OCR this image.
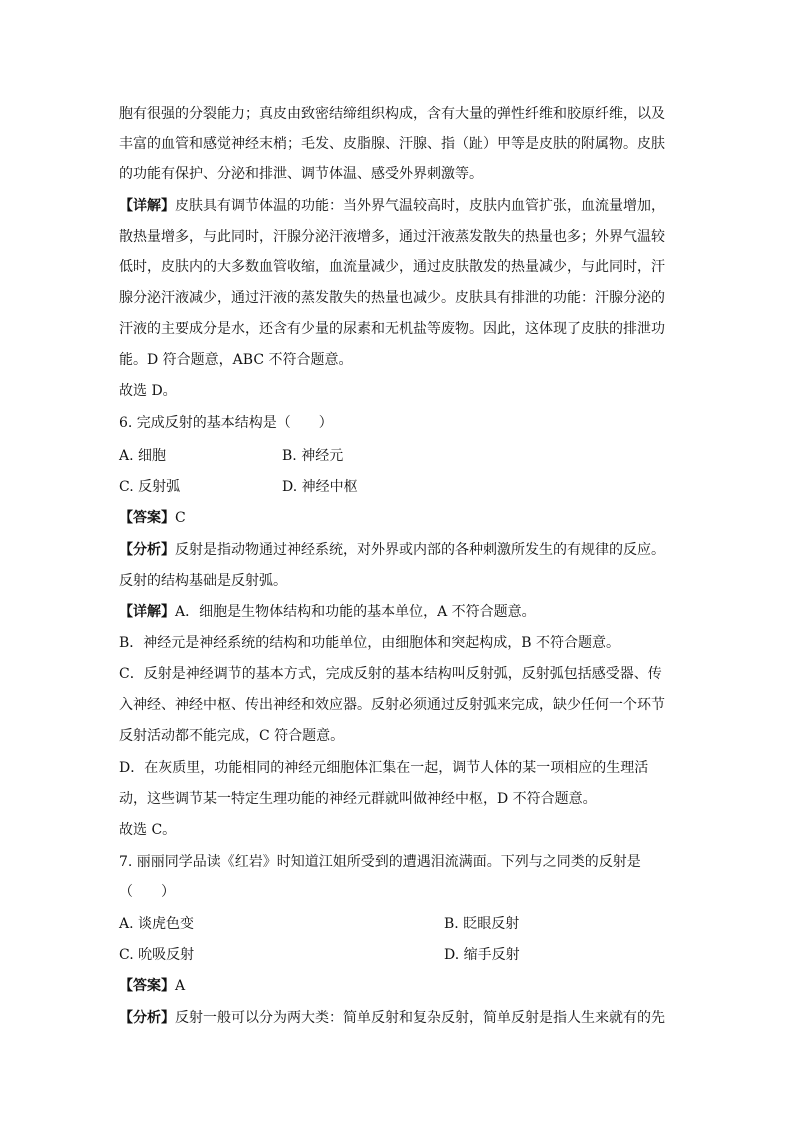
胞有很强的分裂能力；真皮由致密结缔组织构成，含有大量的弹性纤维和胶原纤维，以及
丰富的血管和感觉神经末梢；毛发、皮脂腺、汗腺、指（趾）甲等是皮肤的附属物。皮肤
的功能有保护、分泌和排泄、调节体温、感受外界刺激等。
【详解】皮肤具有调节体温的功能：当外界气温较高时，皮肤内血管扩张，血流量增加，
散热量增多，与此同时，汗腺分泌汗液增多，通过汗液蒸发散失的热量也多；外界气温较
低时，皮肤内的大多数血管收缩，血流量减少，通过皮肤散发的热量减少，与此同时，汗
腺分泌汗液减少，通过汗液的蒸发散失的热量也减少。皮肤具有排泄的功能：汗腺分泌的
汗液的主要成分是水，还含有少量的尿素和无机盐等废物。因此，这体现了皮肤的排泄功
能。D 符合题意，ABC 不符合题意。
故选 D。
6. 完成反射的基本结构是（　　）
A. 细胞	B. 神经元
C. 反射弧	D. 神经中枢
【答案】C
【分析】反射是指动物通过神经系统，对外界或内部的各种刺激所发生的有规律的反应。
反射的结构基础是反射弧。
【详解】A．细胞是生物体结构和功能的基本单位，A 不符合题意。
B．神经元是神经系统的结构和功能单位，由细胞体和突起构成，B 不符合题意。
C．反射是神经调节的基本方式，完成反射的基本结构叫反射弧，反射弧包括感受器、传
入神经、神经中枢、传出神经和效应器。反射必须通过反射弧来完成，缺少任何一个环节
反射活动都不能完成，C 符合题意。
D．在灰质里，功能相同的神经元细胞体汇集在一起，调节人体的某一项相应的生理活
动，这些调节某一特定生理功能的神经元群就叫做神经中枢，D 不符合题意。
故选 C。
7. 丽丽同学品读《红岩》时知道江姐所受到的遭遇泪流满面。下列与之同类的反射是
（　　）
A. 谈虎色变	B. 眨眼反射
C. 吮吸反射	D. 缩手反射
【答案】A
【分析】反射一般可以分为两大类：简单反射和复杂反射，简单反射是指人生来就有的先
